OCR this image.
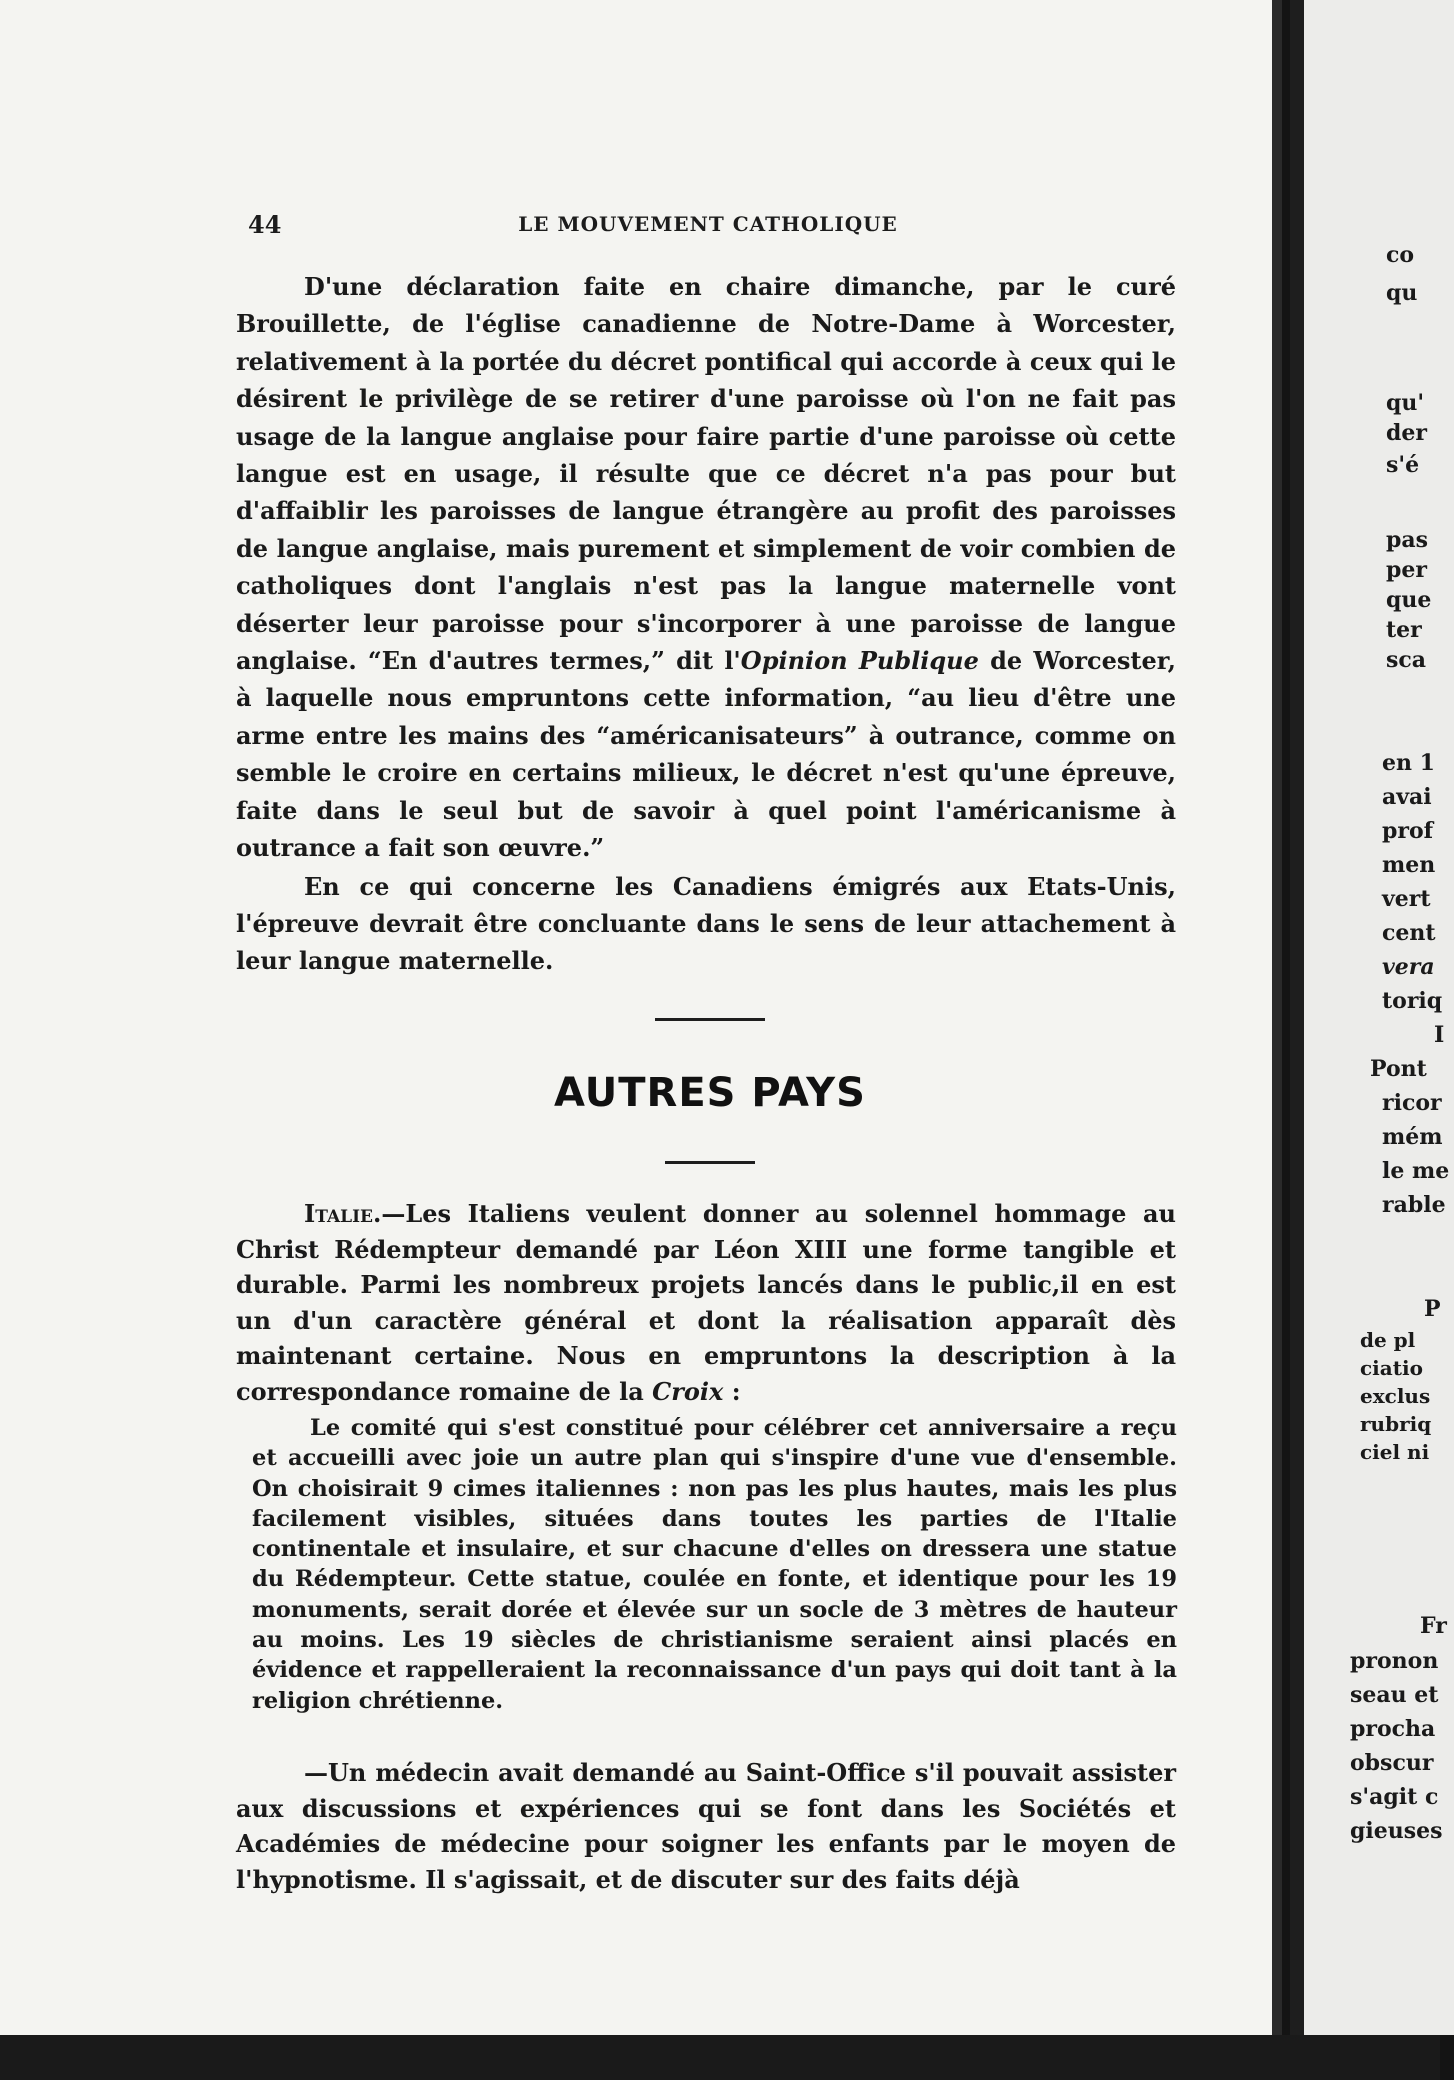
44	LE MOUVEMENT CATHOLIQUE

D'une déclaration faite en chaire dimanche, par le curé Brouillette, de l'église canadienne de Notre-Dame à Worcester, relativement à la portée du décret pontifical qui accorde à ceux qui le désirent le privilège de se retirer d'une paroisse où l'on ne fait pas usage de la langue anglaise pour faire partie d'une paroisse où cette langue est en usage, il résulte que ce décret n'a pas pour but d'affaiblir les paroisses de langue étrangère au profit des paroisses de langue anglaise, mais purement et simplement de voir combien de catholiques dont l'anglais n'est pas la langue maternelle vont déserter leur paroisse pour s'incorporer à une paroisse de langue anglaise. “En d'autres termes,” dit l'Opinion Publique de Worcester, à laquelle nous empruntons cette information, “au lieu d'être une arme entre les mains des “américanisateurs” à outrance, comme on semble le croire en certains milieux, le décret n'est qu'une épreuve, faite dans le seul but de savoir à quel point l'américanisme à outrance a fait son œuvre.”

En ce qui concerne les Canadiens émigrés aux Etats-Unis, l'épreuve devrait être concluante dans le sens de leur attachement à leur langue maternelle.

AUTRES PAYS

Italie.—Les Italiens veulent donner au solennel hommage au Christ Rédempteur demandé par Léon XIII une forme tangible et durable. Parmi les nombreux projets lancés dans le public,il en est un d'un caractère général et dont la réalisation apparaît dès maintenant certaine. Nous en empruntons la description à la correspondance romaine de la Croix :

Le comité qui s'est constitué pour célébrer cet anniversaire a reçu et accueilli avec joie un autre plan qui s'inspire d'une vue d'ensemble. On choisirait 9 cimes italiennes : non pas les plus hautes, mais les plus facilement visibles, situées dans toutes les parties de l'Italie continentale et insulaire, et sur chacune d'elles on dressera une statue du Rédempteur. Cette statue, coulée en fonte, et identique pour les 19 monuments, serait dorée et élevée sur un socle de 3 mètres de hauteur au moins. Les 19 siècles de christianisme seraient ainsi placés en évidence et rappelleraient la reconnaissance d'un pays qui doit tant à la religion chrétienne.

—Un médecin avait demandé au Saint-Office s'il pouvait assister aux discussions et expériences qui se font dans les Sociétés et Académies de médecine pour soigner les enfants par le moyen de l'hypnotisme. Il s'agissait, et de discuter sur des faits déjà

co
qu
qu'
der
s'é
pas
per
que
ter
sca
en 1
avai
prof
men
vert
cent
vera
toriq
I
Pont
ricor
mém
le me
rable
P
de pl
ciatio
exclus
rubriq
ciel ni
Fr
pronon
seau et
procha
obscur
s'agit c
gieuses
